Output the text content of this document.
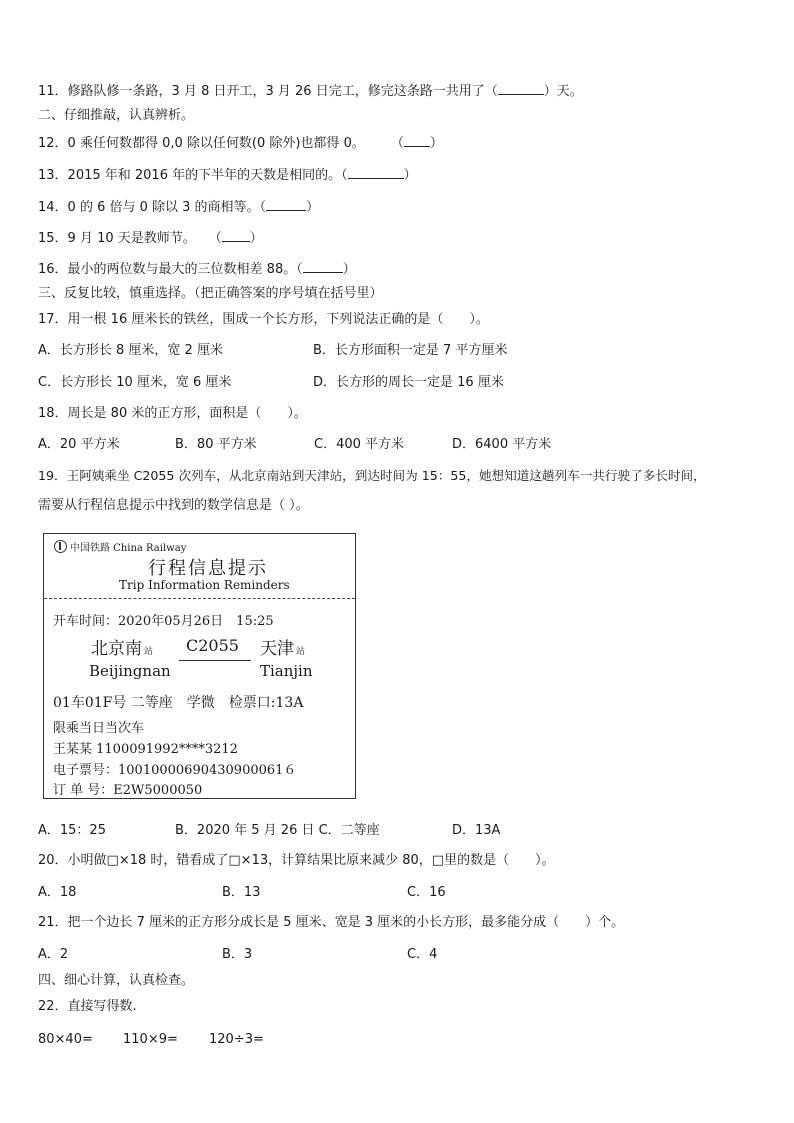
11．修路队修一条路，3 月 8 日开工，3 月 26 日完工，修完这条路一共用了（	）天。
二、仔细推敲，认真辨析。
12．0 乘任何数都得 0,0 除以任何数(0 除外)也都得 0。　　　（ ）
13．2015 年和 2016 年的下半年的天数是相同的。（	）
14．0 的 6 倍与 0 除以 3 的商相等。（	）
15．9 月 10 天是教师节。　　（ ）
16．最小的两位数与最大的三位数相差 88。（	）
三、反复比较，慎重选择。（把正确答案的序号填在括号里）
17．用一根 16 厘米长的铁丝，围成一个长方形，下列说法正确的是（　　）。
A．长方形长 8 厘米，宽 2 厘米	B．长方形面积一定是 7 平方厘米
C．长方形长 10 厘米，宽 6 厘米	D．长方形的周长一定是 16 厘米
18．周长是 80 米的正方形，面积是（　　）。
A．20 平方米	B．80 平方米	C．400 平方米	D．6400 平方米
19．王阿姨乘坐 C2055 次列车，从北京南站到天津站，到达时间为 15：55，她想知道这趟列车一共行驶了多长时间，
需要从行程信息提示中找到的数学信息是（ ）。
中国铁路 China Railway
行程信息提示
Trip Information Reminders
开车时间：2020年05月26日　15:25
北京南 站 C2055 天津 站
Beijingnan	Tianjin
01车01F号 二等座　学微　检票口:13A
限乘当日当次车
王某某 1100091992****3212
电子票号：10010000690430900061６
订 单 号：E2W5000050
A．15：25	B．2020 年 5 月 26 日 C．二等座	D．13A
20．小明做□×18 时，错看成了□×13，计算结果比原来减少 80，□里的数是（　　）。
A．18	B．13	C．16
21．把一个边长 7 厘米的正方形分成长是 5 厘米、宽是 3 厘米的小长方形，最多能分成（　　）个。
A．2	B．3	C．4
四、细心计算，认真检查。
22．直接写得数.
80×40= 110×9= 120÷3=
